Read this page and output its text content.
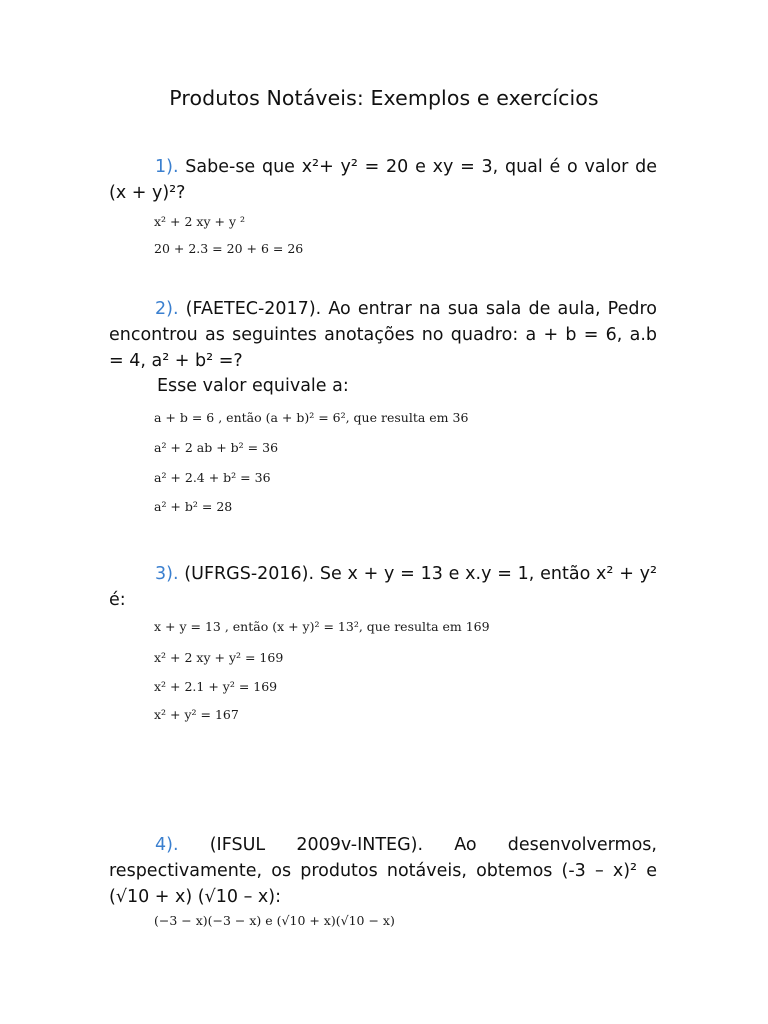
Produtos Notáveis: Exemplos e exercícios
1). Sabe-se que x²+ y² = 20 e xy = 3, qual é o valor de (x + y)²?
x² + 2 xy + y ²
20 + 2.3 = 20 + 6 = 26
2). (FAETEC-2017). Ao entrar na sua sala de aula, Pedro encontrou as seguintes anotações no quadro: a + b = 6, a.b = 4, a² + b² =?
Esse valor equivale a:
a + b = 6 , então (a + b)² = 6², que resulta em 36
a² + 2 ab + b² = 36
a² + 2.4 + b² = 36
a² + b² = 28
3). (UFRGS-2016). Se x + y = 13 e x.y = 1, então x² + y² é:
x + y = 13 , então (x + y)² = 13², que resulta em 169
x² + 2 xy + y² = 169
x² + 2.1 + y² = 169
x² + y² = 167
4). (IFSUL 2009v-INTEG). Ao desenvolvermos, respectivamente, os produtos notáveis, obtemos (-3 – x)² e (√10 + x) (√10 – x):
(−3 − x)(−3 − x) e (√10 + x)(√10 − x)
